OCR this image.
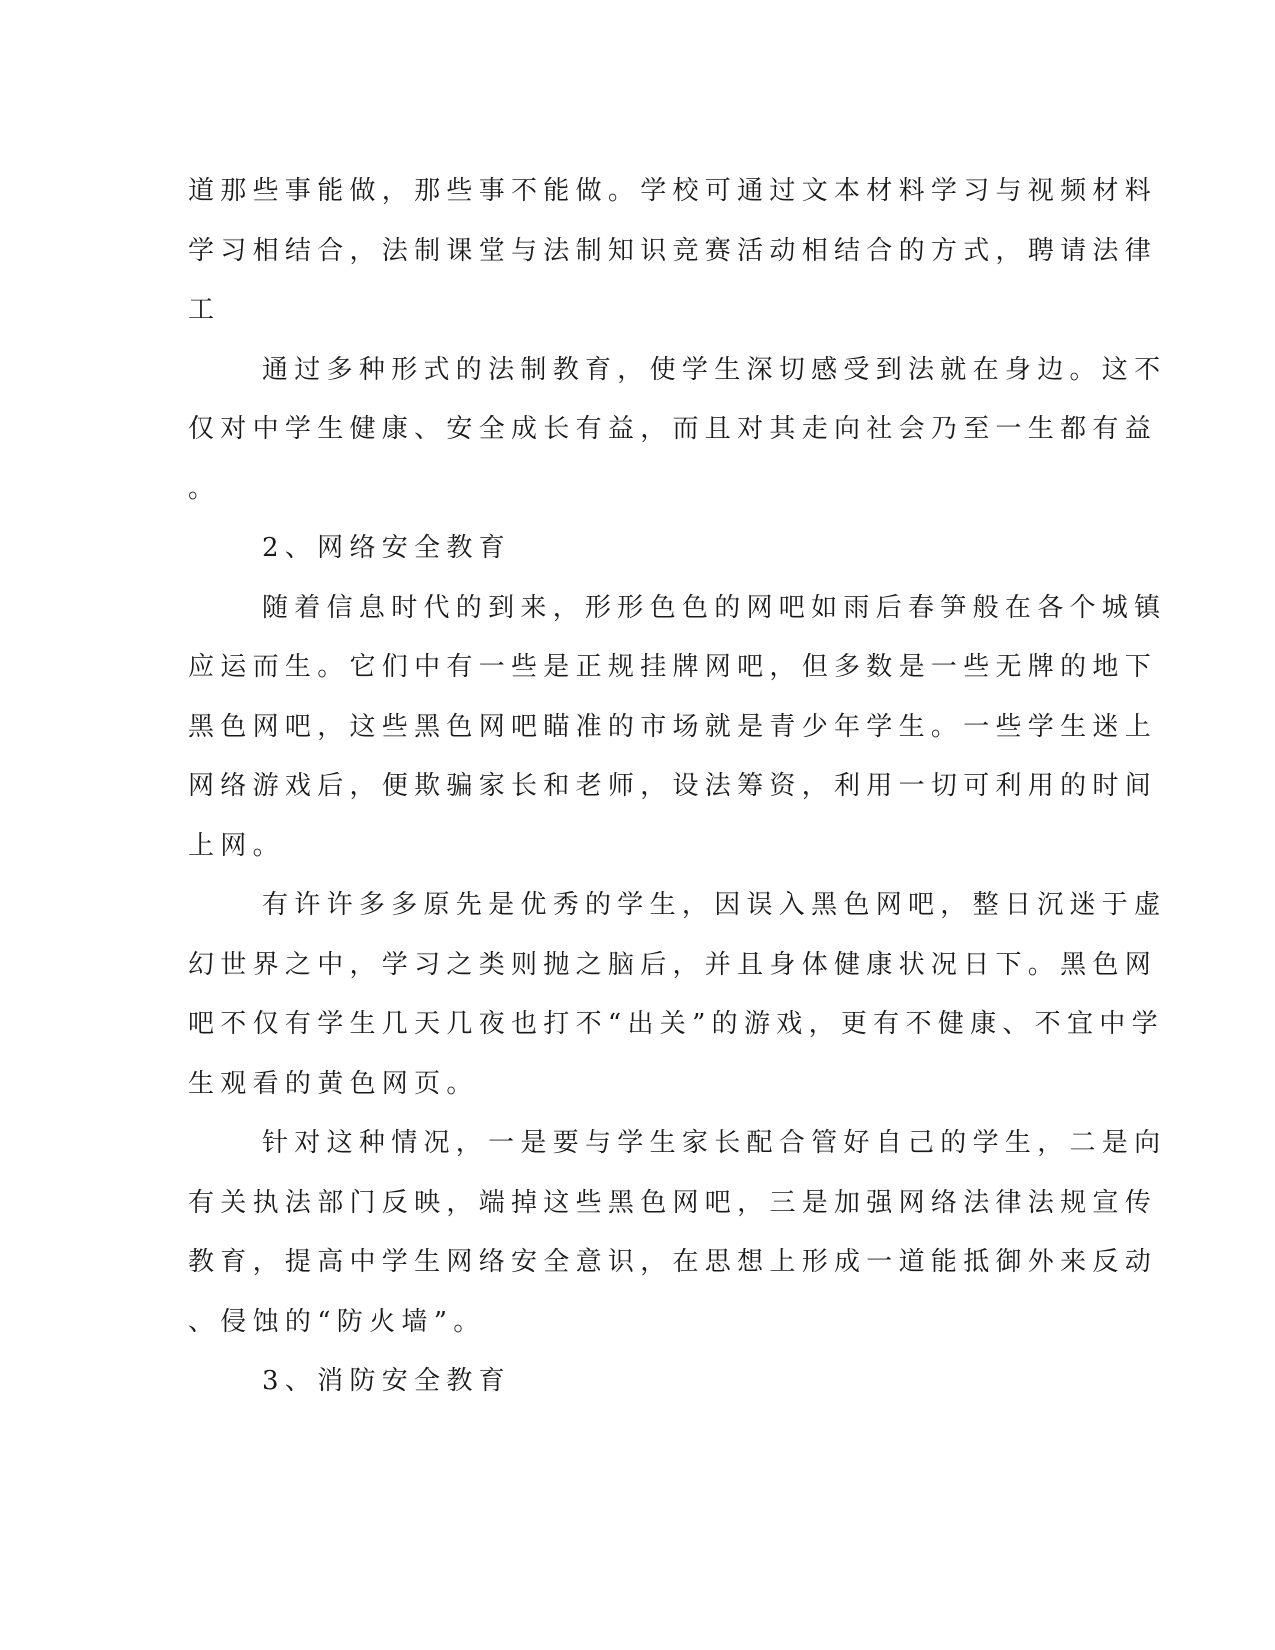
道那些事能做，那些事不能做。学校可通过文本材料学习与视频材料
学习相结合，法制课堂与法制知识竞赛活动相结合的方式，聘请法律
工
通过多种形式的法制教育，使学生深切感受到法就在身边。这不
仅对中学生健康、安全成长有益，而且对其走向社会乃至一生都有益
。
2、网络安全教育
随着信息时代的到来，形形色色的网吧如雨后春笋般在各个城镇
应运而生。它们中有一些是正规挂牌网吧，但多数是一些无牌的地下
黑色网吧，这些黑色网吧瞄准的市场就是青少年学生。一些学生迷上
网络游戏后，便欺骗家长和老师，设法筹资，利用一切可利用的时间
上网。
有许许多多原先是优秀的学生，因误入黑色网吧，整日沉迷于虚
幻世界之中，学习之类则抛之脑后，并且身体健康状况日下。黑色网
吧不仅有学生几天几夜也打不“出关”的游戏，更有不健康、不宜中学
生观看的黄色网页。
针对这种情况，一是要与学生家长配合管好自己的学生，二是向
有关执法部门反映，端掉这些黑色网吧，三是加强网络法律法规宣传
教育，提高中学生网络安全意识，在思想上形成一道能抵御外来反动
、侵蚀的“防火墙”。
3、消防安全教育
